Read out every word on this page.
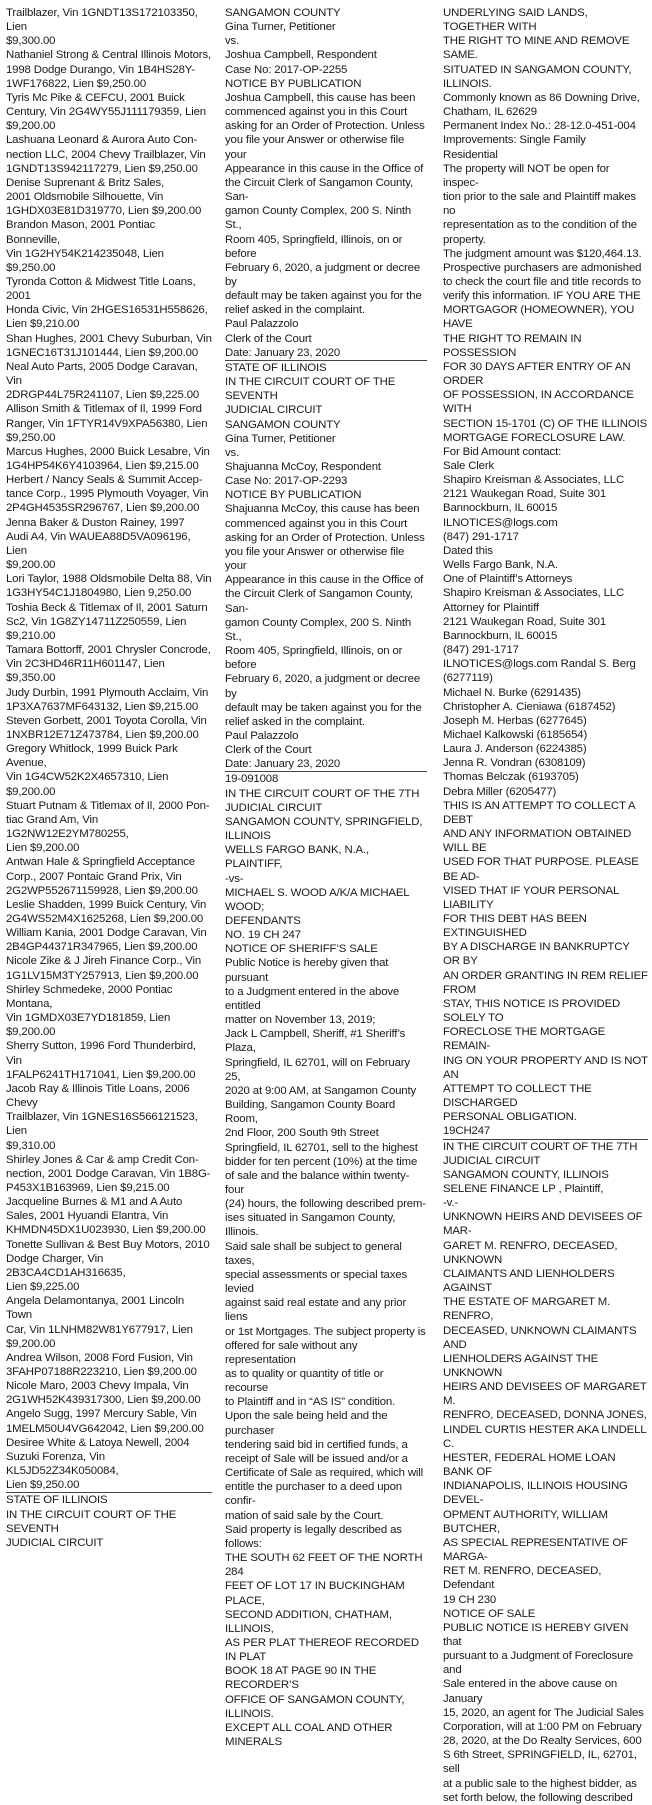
Trailblazer, Vin 1GNDT13S172103350, Lien
$9,300.00
Nathaniel Strong & Central Illinois Motors,
1998 Dodge Durango, Vin 1B4HS28Y-
1WF176822, Lien $9,250.00
Tyris Mc Pike & CEFCU, 2001 Buick
Century, Vin 2G4WY55J111179359, Lien
$9,200.00
Lashuana Leonard & Aurora Auto Con-
nection LLC, 2004 Chevy Trailblazer, Vin
1GNDT13S942117279, Lien $9,250.00
Denise Suprenant & Britz Sales,
2001 Oldsmobile Silhouette, Vin
1GHDX03E81D319770, Lien $9,200.00
Brandon Mason, 2001 Pontiac Bonneville,
Vin 1G2HY54K214235048, Lien $9,250.00
Tyronda Cotton & Midwest Title Loans, 2001
Honda Civic, Vin 2HGES16531H558626,
Lien $9,210.00
Shan Hughes, 2001 Chevy Suburban, Vin
1GNEC16T31J101444, Lien $9,200.00
Neal Auto Parts, 2005 Dodge Caravan, Vin
2DRGP44L75R241107, Lien $9,225.00
Allison Smith & Titlemax of Il, 1999 Ford
Ranger, Vin 1FTYR14V9XPA56380, Lien
$9,250.00
Marcus Hughes, 2000 Buick Lesabre, Vin
1G4HP54K6Y4103964, Lien $9,215.00
Herbert / Nancy Seals & Summit Accep-
tance Corp., 1995 Plymouth Voyager, Vin
2P4GH4535SR296767, Lien $9,200.00
Jenna Baker & Duston Rainey, 1997
Audi A4, Vin WAUEA88D5VA096196, Lien
$9,200.00
Lori Taylor, 1988 Oldsmobile Delta 88, Vin
1G3HY54C1J1804980, Lien 9,250.00
Toshia Beck & Titlemax of Il, 2001 Saturn
Sc2, Vin 1G8ZY14711Z250559, Lien
$9,210.00
Tamara Bottorff, 2001 Chrysler Concrode,
Vin 2C3HD46R11H601147, Lien $9,350.00
Judy Durbin, 1991 Plymouth Acclaim, Vin
1P3XA7637MF643132, Lien $9,215.00
Steven Gorbett, 2001 Toyota Corolla, Vin
1NXBR12E71Z473784, Lien $9,200.00
Gregory Whitlock, 1999 Buick Park Avenue,
Vin 1G4CW52K2X4657310, Lien $9,200.00
Stuart Putnam & Titlemax of Il, 2000 Pon-
tiac Grand Am, Vin 1G2NW12E2YM780255,
Lien $9,200.00
Antwan Hale & Springfield Acceptance
Corp., 2007 Pontaic Grand Prix, Vin
2G2WP552671159928, Lien $9,200.00
Leslie Shadden, 1999 Buick Century, Vin
2G4WS52M4X1625268, Lien $9,200.00
William Kania, 2001 Dodge Caravan, Vin
2B4GP44371R347965, Lien $9,200.00
Nicole Zike & J Jireh Finance Corp., Vin
1G1LV15M3TY257913, Lien $9,200.00
Shirley Schmedeke, 2000 Pontiac Montana,
Vin 1GMDX03E7YD181859, Lien $9,200.00
Sherry Sutton, 1996 Ford Thunderbird, Vin
1FALP6241TH171041, Lien $9,200.00
Jacob Ray & Illinois Title Loans, 2006 Chevy
Trailblazer, Vin 1GNES16S566121523, Lien
$9,310.00
Shirley Jones & Car & amp Credit Con-
nection, 2001 Dodge Caravan, Vin 1B8G-
P453X1B163969, Lien $9,215.00
Jacqueline Burnes & M1 and A Auto
Sales, 2001 Hyuandi Elantra, Vin
KHMDN45DX1U023930, Lien $9,200.00
Tonette Sullivan & Best Buy Motors, 2010
Dodge Charger, Vin 2B3CA4CD1AH316635,
Lien $9,225.00
Angela Delamontanya, 2001 Lincoln Town
Car, Vin 1LNHM82W81Y677917, Lien
$9,200.00
Andrea Wilson, 2008 Ford Fusion, Vin
3FAHP07188R223210, Lien $9,200.00
Nicole Maro, 2003 Chevy Impala, Vin
2G1WH52K439317300, Lien $9,200.00
Angelo Sugg, 1997 Mercury Sable, Vin
1MELM50U4VG642042, Lien $9,200.00
Desiree White & Latoya Newell, 2004
Suzuki Forenza, Vin KL5JD52Z34K050084,
Lien $9,250.00
STATE OF ILLINOIS
IN THE CIRCUIT COURT OF THE SEVENTH
JUDICIAL CIRCUIT
SANGAMON COUNTY
Gina Turner, Petitioner
vs.
Joshua Campbell, Respondent
Case No: 2017-OP-2255
NOTICE BY PUBLICATION
Joshua Campbell, this cause has been
commenced against you in this Court
asking for an Order of Protection. Unless
you file your Answer or otherwise file your
Appearance in this cause in the Office of
the Circuit Clerk of Sangamon County, San-
gamon County Complex, 200 S. Ninth St.,
Room 405, Springfield, Illinois, on or before
February 6, 2020, a judgment or decree by
default may be taken against you for the
relief asked in the complaint.
Paul Palazzolo
Clerk of the Court
Date: January 23, 2020
STATE OF ILLINOIS
IN THE CIRCUIT COURT OF THE SEVENTH
JUDICIAL CIRCUIT
SANGAMON COUNTY
Gina Turner, Petitioner
vs.
Shajuanna McCoy, Respondent
Case No: 2017-OP-2293
NOTICE BY PUBLICATION
Shajuanna McCoy, this cause has been
commenced against you in this Court
asking for an Order of Protection. Unless
you file your Answer or otherwise file your
Appearance in this cause in the Office of
the Circuit Clerk of Sangamon County, San-
gamon County Complex, 200 S. Ninth St.,
Room 405, Springfield, Illinois, on or before
February 6, 2020, a judgment or decree by
default may be taken against you for the
relief asked in the complaint.
Paul Palazzolo
Clerk of the Court
Date: January 23, 2020
19-091008
IN THE CIRCUIT COURT OF THE 7TH
JUDICIAL CIRCUIT
SANGAMON COUNTY, SPRINGFIELD,
ILLINOIS
WELLS FARGO BANK, N.A., PLAINTIFF,
-vs-
MICHAEL S. WOOD A/K/A MICHAEL WOOD;
DEFENDANTS
NO. 19 CH 247
NOTICE OF SHERIFF’S SALE
Public Notice is hereby given that pursuant
to a Judgment entered in the above entitled
matter on November 13, 2019;
Jack L Campbell, Sheriff, #1 Sheriff’s Plaza,
Springfield, IL 62701, will on February 25,
2020 at 9:00 AM, at Sangamon County
Building, Sangamon County Board Room,
2nd Floor, 200 South 9th Street
Springfield, IL 62701, sell to the highest
bidder for ten percent (10%) at the time
of sale and the balance within twenty-four
(24) hours, the following described prem-
ises situated in Sangamon County, Illinois.
Said sale shall be subject to general taxes,
special assessments or special taxes levied
against said real estate and any prior liens
or 1st Mortgages. The subject property is
offered for sale without any representation
as to quality or quantity of title or recourse
to Plaintiff and in “AS IS” condition.
Upon the sale being held and the purchaser
tendering said bid in certified funds, a
receipt of Sale will be issued and/or a
Certificate of Sale as required, which will
entitle the purchaser to a deed upon confir-
mation of said sale by the Court.
Said property is legally described as
follows:
THE SOUTH 62 FEET OF THE NORTH 284
FEET OF LOT 17 IN BUCKINGHAM PLACE,
SECOND ADDITION, CHATHAM, ILLINOIS,
AS PER PLAT THEREOF RECORDED IN PLAT
BOOK 18 AT PAGE 90 IN THE RECORDER’S
OFFICE OF SANGAMON COUNTY, ILLINOIS.
EXCEPT ALL COAL AND OTHER MINERALS
UNDERLYING SAID LANDS, TOGETHER WITH
THE RIGHT TO MINE AND REMOVE SAME.
SITUATED IN SANGAMON COUNTY, ILLINOIS.
Commonly known as 86 Downing Drive,
Chatham, IL 62629
Permanent Index No.: 28-12.0-451-004
Improvements: Single Family
Residential
The property will NOT be open for inspec-
tion prior to the sale and Plaintiff makes no
representation as to the condition of the
property.
The judgment amount was $120,464.13.
Prospective purchasers are admonished
to check the court file and title records to
verify this information. IF YOU ARE THE
MORTGAGOR (HOMEOWNER), YOU HAVE
THE RIGHT TO REMAIN IN POSSESSION
FOR 30 DAYS AFTER ENTRY OF AN ORDER
OF POSSESSION, IN ACCORDANCE WITH
SECTION 15-1701 (C) OF THE ILLINOIS
MORTGAGE FORECLOSURE LAW.
For Bid Amount contact:
Sale Clerk
Shapiro Kreisman & Associates, LLC
2121 Waukegan Road, Suite 301
Bannockburn, IL 60015
ILNOTICES@logs.com
(847) 291-1717
Dated this
Wells Fargo Bank, N.A.
One of Plaintiff’s Attorneys
Shapiro Kreisman & Associates, LLC
Attorney for Plaintiff
2121 Waukegan Road, Suite 301
Bannockburn, IL 60015
(847) 291-1717
ILNOTICES@logs.com Randal S. Berg
(6277119)
Michael N. Burke (6291435)
Christopher A. Cieniawa (6187452)
Joseph M. Herbas (6277645)
Michael Kalkowski (6185654)
Laura J. Anderson (6224385)
Jenna R. Vondran (6308109)
Thomas Belczak (6193705)
Debra Miller (6205477)
THIS IS AN ATTEMPT TO COLLECT A DEBT
AND ANY INFORMATION OBTAINED WILL BE
USED FOR THAT PURPOSE. PLEASE BE AD-
VISED THAT IF YOUR PERSONAL LIABILITY
FOR THIS DEBT HAS BEEN EXTINGUISHED
BY A DISCHARGE IN BANKRUPTCY OR BY
AN ORDER GRANTING IN REM RELIEF FROM
STAY, THIS NOTICE IS PROVIDED SOLELY TO
FORECLOSE THE MORTGAGE REMAIN-
ING ON YOUR PROPERTY AND IS NOT AN
ATTEMPT TO COLLECT THE DISCHARGED
PERSONAL OBLIGATION.
19CH247
IN THE CIRCUIT COURT OF THE 7TH
JUDICIAL CIRCUIT
SANGAMON COUNTY, ILLINOIS
SELENE FINANCE LP , Plaintiff,
-v.-
UNKNOWN HEIRS AND DEVISEES OF MAR-
GARET M. RENFRO, DECEASED, UNKNOWN
CLAIMANTS AND LIENHOLDERS AGAINST
THE ESTATE OF MARGARET M. RENFRO,
DECEASED, UNKNOWN CLAIMANTS AND
LIENHOLDERS AGAINST THE UNKNOWN
HEIRS AND DEVISEES OF MARGARET M.
RENFRO, DECEASED, DONNA JONES,
LINDEL CURTIS HESTER AKA LINDELL C.
HESTER, FEDERAL HOME LOAN BANK OF
INDIANAPOLIS, ILLINOIS HOUSING DEVEL-
OPMENT AUTHORITY, WILLIAM BUTCHER,
AS SPECIAL REPRESENTATIVE OF MARGA-
RET M. RENFRO, DECEASED, Defendant
19 CH 230
NOTICE OF SALE
PUBLIC NOTICE IS HEREBY GIVEN that
pursuant to a Judgment of Foreclosure and
Sale entered in the above cause on January
15, 2020, an agent for The Judicial Sales
Corporation, will at 1:00 PM on February
28, 2020, at the Do Realty Services, 600
S 6th Street, SPRINGFIELD, IL, 62701, sell
at a public sale to the highest bidder, as
set forth below, the following described
